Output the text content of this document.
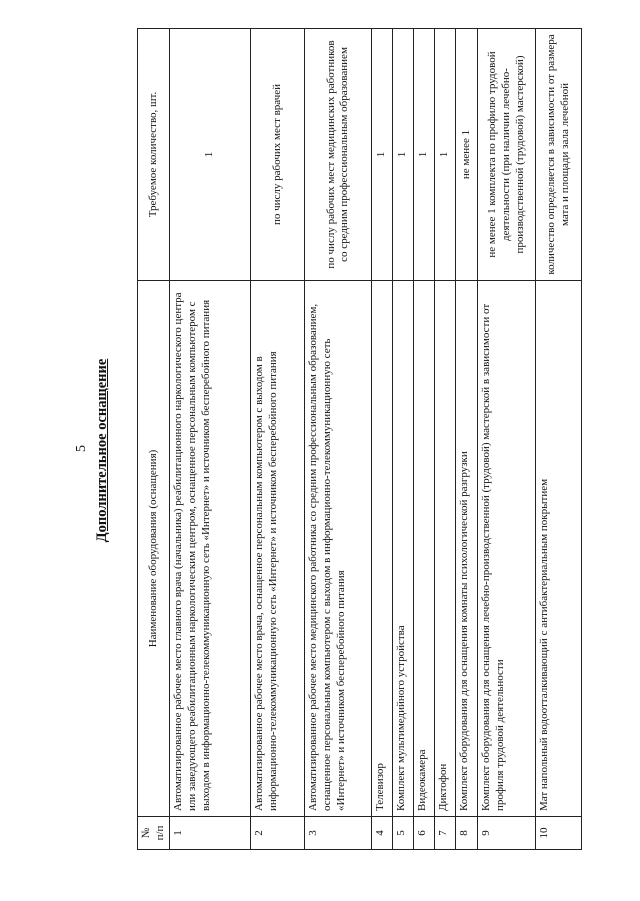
5 Дополнительное оснащение
№ п/п	Наименование оборудования (оснащения)	Требуемое количество, шт.
1	Автоматизированное рабочее место главного врача (начальника) реабилитационного наркологического центра или заведующего реабилитационным наркологическим центром, оснащенное персональным компьютером с выходом в информационно-телекоммуникационную сеть «Интернет» и источником бесперебойного питания	1
2	Автоматизированное рабочее место врача, оснащенное персональным компьютером с выходом в информационно-телекоммуникационную сеть «Интернет» и источником бесперебойного питания	по числу рабочих мест врачей
3	Автоматизированное рабочее место медицинского работника со средним профессиональным образованием, оснащенное персональным компьютером с выходом в информационно-телекоммуникационную сеть «Интернет» и источником бесперебойного питания	по числу рабочих мест медицинских работников со средним профессиональным образованием
4	Телевизор	1
5	Комплект мультимедийного устройства	1
6	Видеокамера	1
7	Диктофон	1
8	Комплект оборудования для оснащения комнаты психологической разгрузки	не менее 1
9	Комплект оборудования для оснащения лечебно-производственной (трудовой) мастерской в зависимости от профиля трудовой деятельности	не менее 1 комплекта по профилю трудовой деятельности (при наличии лечебно-производственной (трудовой) мастерской)
10	Мат напольный водоотталкивающий с антибактериальным покрытием	количество определяется в зависимости от размера мата и площади зала лечебной
